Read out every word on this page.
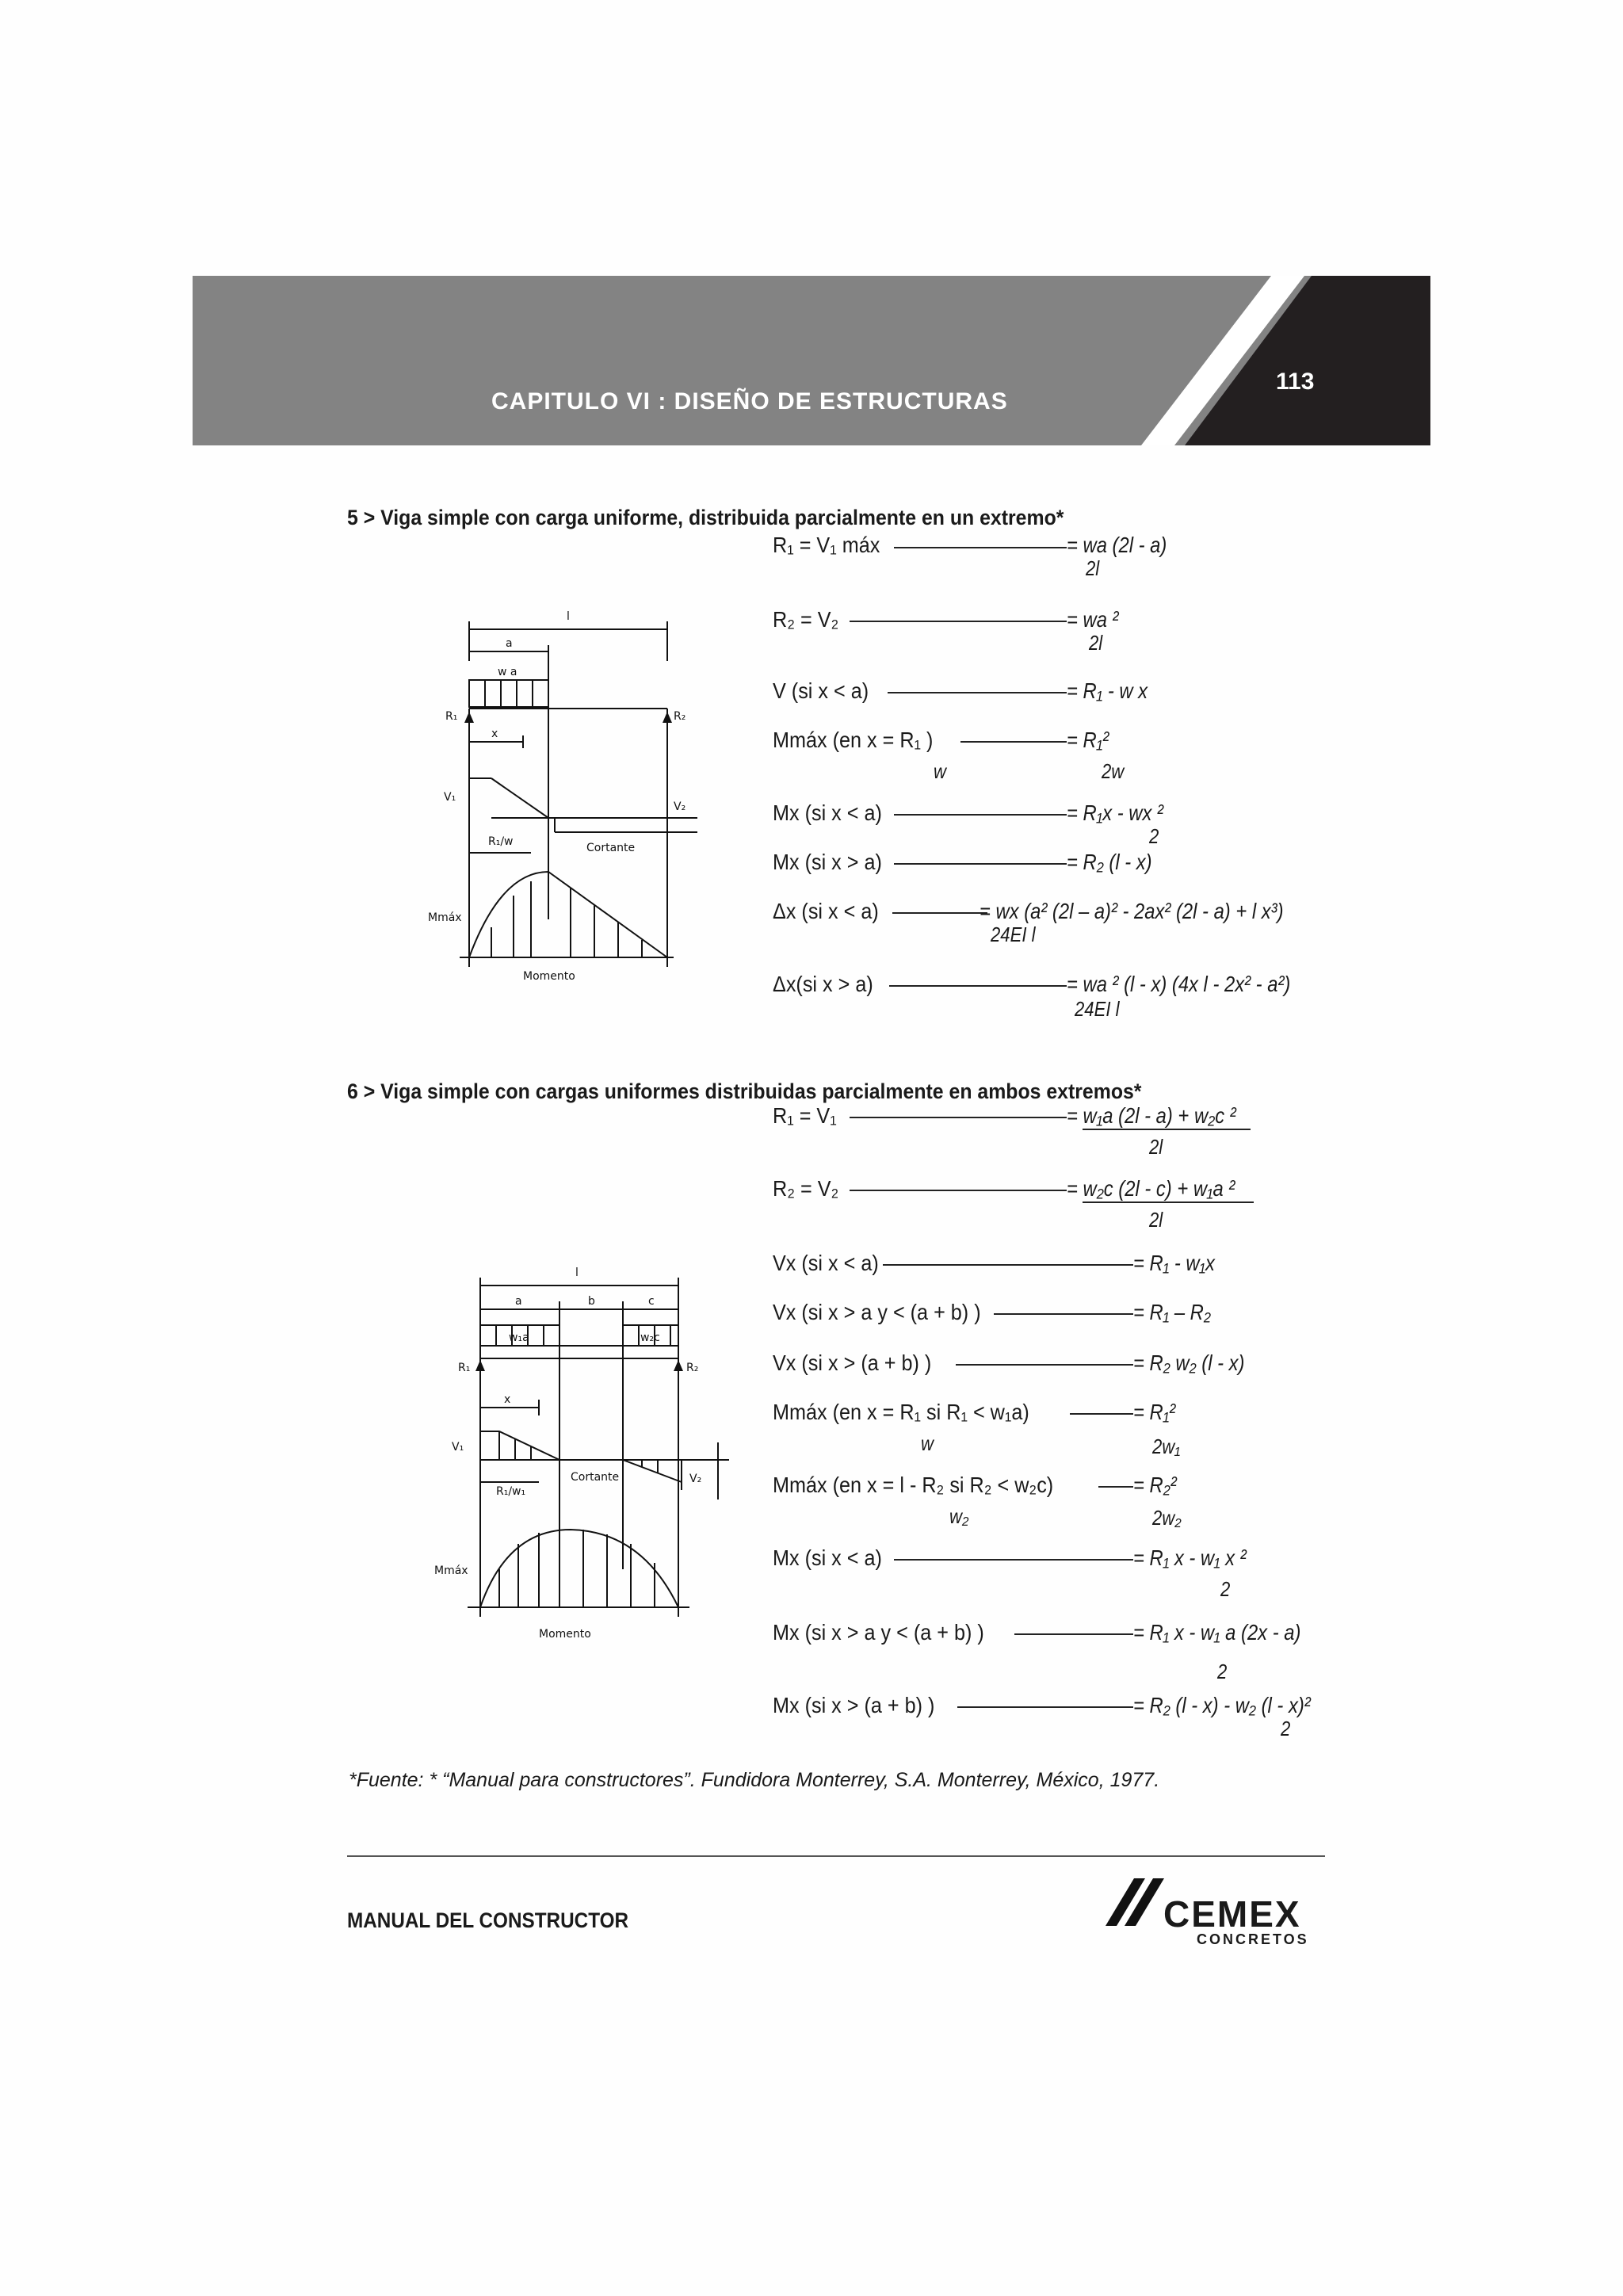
CAPITULO VI : DISEÑO DE ESTRUCTURAS
113
5 > Viga simple con carga uniforme, distribuida parcialmente en un extremo*
R₁ = V₁ máx	= wa (2l - a)
2l
R₂ = V₂	= wa ²
2l
V (si x < a)	= R₁ - w x
Mmáx (en x = R₁ )	= R₁²
w	2w
Mx (si x < a)	= R₁x - wx ²
2
Mx (si x > a)	= R₂ (l - x)
Δx (si x < a)	= wx (a² (2l – a)² - 2ax² (2l - a) + l x³)
24EI l
Δx(si x > a)	= wa ² (l - x) (4x l - 2x² - a²)
24EI l
l
a
w a
R₁	R₂
x
V₁
V₂
R₁/w	Cortante
Mmáx
Momento
6 > Viga simple con cargas uniformes distribuidas parcialmente en ambos extremos*
R₁ = V₁	= w₁a (2l - a) + w₂c ²
2l
R₂ = V₂	= w₂c (2l - c) + w₁a ²
2l
Vx (si x < a)	= R₁ - w₁x
Vx (si x > a y < (a + b) )	= R₁ – R₂
Vx (si x > (a + b) )	= R₂ w₂ (l - x)
Mmáx (en x = R₁ si R₁ < w₁a)	= R₁²
w	2w₁
Mmáx (en x = l - R₂ si R₂ < w₂c)	= R₂²
w₂	2w₂
Mx (si x < a)	= R₁ x - w₁ x ²
2
Mx (si x > a y < (a + b) )	= R₁ x - w₁ a (2x - a)
2
Mx (si x > (a + b) )	= R₂ (l - x) - w₂ (l - x)²
2
l
a	b	c
w₁a	w₂c
R₁	R₂
x
V₁
V₂
R₁/w₁
Cortante
Mmáx
Momento
*Fuente: * “Manual para constructores”. Fundidora Monterrey, S.A. Monterrey, México, 1977.
MANUAL DEL CONSTRUCTOR	CEMEX
CONCRETOS
